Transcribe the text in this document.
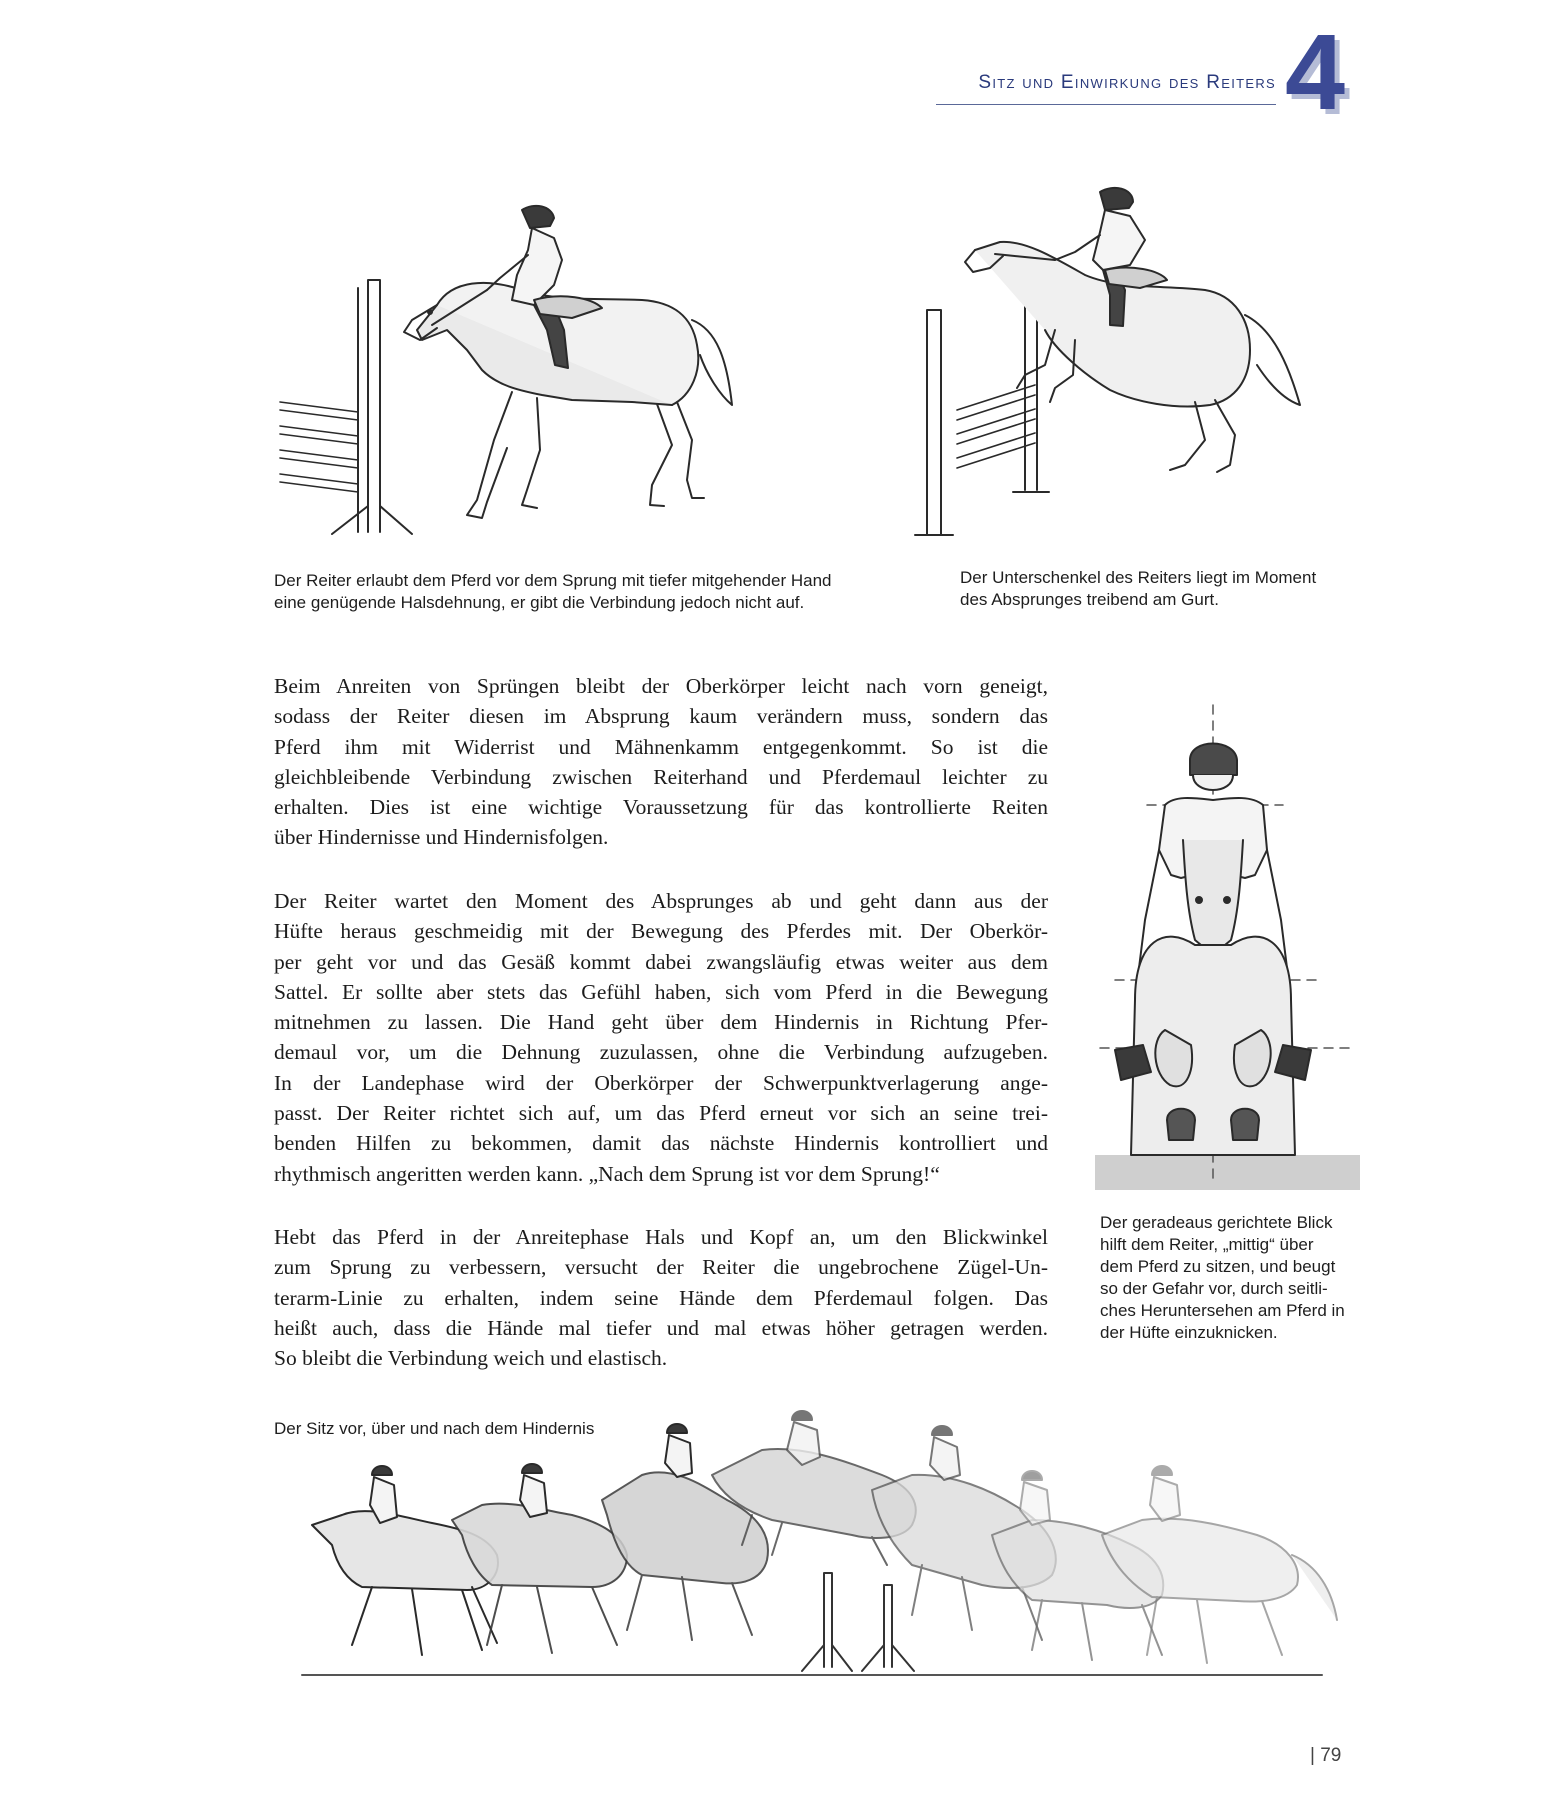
Sitz und Einwirkung des Reiters 4
Der Reiter erlaubt dem Pferd vor dem Sprung mit tiefer mitgehender Hand
eine genügende Halsdehnung, er gibt die Verbindung jedoch nicht auf.
Der Unterschenkel des Reiters liegt im Moment
des Absprunges treibend am Gurt.
Beim Anreiten von Sprüngen bleibt der Oberkörper leicht nach vorn geneigt,
sodass der Reiter diesen im Absprung kaum verändern muss, sondern das
Pferd ihm mit Widerrist und Mähnenkamm entgegenkommt. So ist die
gleichbleibende Verbindung zwischen Reiterhand und Pferdemaul leichter zu
erhalten. Dies ist eine wichtige Voraussetzung für das kontrollierte Reiten
über Hindernisse und Hindernisfolgen.
Der Reiter wartet den Moment des Absprunges ab und geht dann aus der
Hüfte heraus geschmeidig mit der Bewegung des Pferdes mit. Der Oberkör-
per geht vor und das Gesäß kommt dabei zwangsläufig etwas weiter aus dem
Sattel. Er sollte aber stets das Gefühl haben, sich vom Pferd in die Bewegung
mitnehmen zu lassen. Die Hand geht über dem Hindernis in Richtung Pfer-
demaul vor, um die Dehnung zuzulassen, ohne die Verbindung aufzugeben.
In der Landephase wird der Oberkörper der Schwerpunktverlagerung ange-
passt. Der Reiter richtet sich auf, um das Pferd erneut vor sich an seine trei-
benden Hilfen zu bekommen, damit das nächste Hindernis kontrolliert und
rhythmisch angeritten werden kann. „Nach dem Sprung ist vor dem Sprung!“
Hebt das Pferd in der Anreitephase Hals und Kopf an, um den Blickwinkel
zum Sprung zu verbessern, versucht der Reiter die ungebrochene Zügel-Un-
terarm-Linie zu erhalten, indem seine Hände dem Pferdemaul folgen. Das
heißt auch, dass die Hände mal tiefer und mal etwas höher getragen werden.
So bleibt die Verbindung weich und elastisch.
Der geradeaus gerichtete Blick
hilft dem Reiter, „mittig“ über
dem Pferd zu sitzen, und beugt
so der Gefahr vor, durch seitli-
ches Heruntersehen am Pferd in
der Hüfte einzuknicken.
Der Sitz vor, über und nach dem Hindernis
| 79
